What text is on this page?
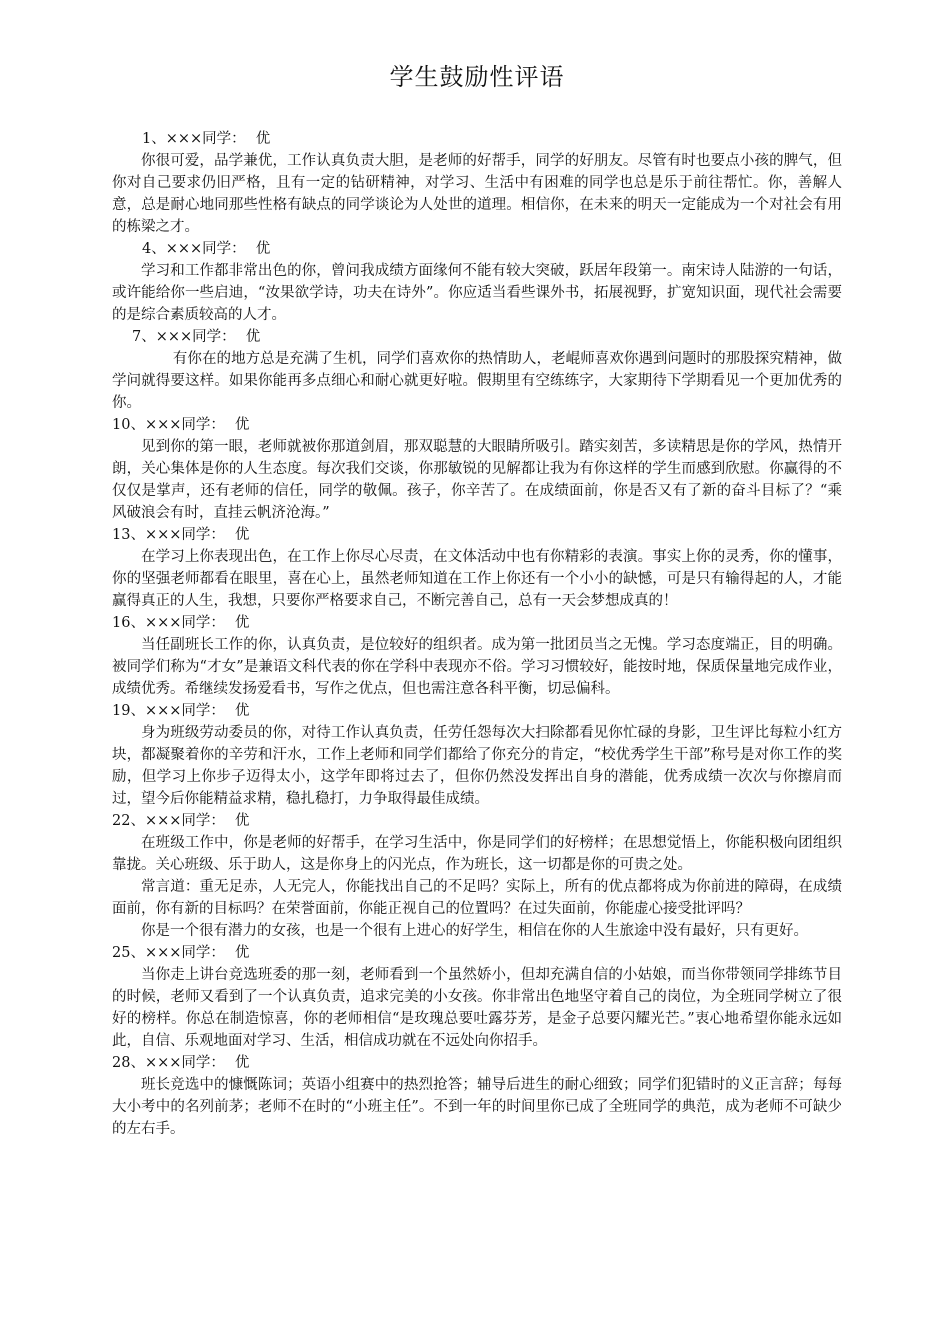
学生鼓励性评语

1、×××同学： 优

你很可爱，品学兼优，工作认真负责大胆，是老师的好帮手，同学的好朋友。尽管有时也要点小孩的脾气，但你对自己要求仍旧严格，且有一定的钻研精神，对学习、生活中有困难的同学也总是乐于前往帮忙。你，善解人意，总是耐心地同那些性格有缺点的同学谈论为人处世的道理。相信你，在未来的明天一定能成为一个对社会有用的栋梁之才。

4、×××同学： 优

学习和工作都非常出色的你，曾问我成绩方面缘何不能有较大突破，跃居年段第一。南宋诗人陆游的一句话，或许能给你一些启迪，“汝果欲学诗，功夫在诗外”。你应适当看些课外书，拓展视野，扩宽知识面，现代社会需要的是综合素质较高的人才。

7、×××同学： 优

有你在的地方总是充满了生机，同学们喜欢你的热情助人，老崐师喜欢你遇到问题时的那股探究精神，做学问就得要这样。如果你能再多点细心和耐心就更好啦。假期里有空练练字，大家期待下学期看见一个更加优秀的你。

10、×××同学： 优

见到你的第一眼，老师就被你那道剑眉，那双聪慧的大眼睛所吸引。踏实刻苦，多读精思是你的学风，热情开朗，关心集体是你的人生态度。每次我们交谈，你那敏锐的见解都让我为有你这样的学生而感到欣慰。你赢得的不仅仅是掌声，还有老师的信任，同学的敬佩。孩子，你辛苦了。在成绩面前，你是否又有了新的奋斗目标了？“乘风破浪会有时，直挂云帆济沧海。”

13、×××同学： 优

在学习上你表现出色，在工作上你尽心尽责，在文体活动中也有你精彩的表演。事实上你的灵秀，你的懂事，你的坚强老师都看在眼里，喜在心上，虽然老师知道在工作上你还有一个小小的缺憾，可是只有输得起的人，才能赢得真正的人生，我想，只要你严格要求自己，不断完善自己，总有一天会梦想成真的！

16、×××同学： 优

当任副班长工作的你，认真负责，是位较好的组织者。成为第一批团员当之无愧。学习态度端正，目的明确。被同学们称为“才女”是兼语文科代表的你在学科中表现亦不俗。学习习惯较好，能按时地，保质保量地完成作业，成绩优秀。希继续发扬爱看书，写作之优点，但也需注意各科平衡，切忌偏科。

19、×××同学： 优

身为班级劳动委员的你，对待工作认真负责，任劳任怨每次大扫除都看见你忙碌的身影，卫生评比每粒小红方块，都凝聚着你的辛劳和汗水，工作上老师和同学们都给了你充分的肯定，“校优秀学生干部”称号是对你工作的奖励，但学习上你步子迈得太小，这学年即将过去了，但你仍然没发挥出自身的潜能，优秀成绩一次次与你擦肩而过，望今后你能精益求精，稳扎稳打，力争取得最佳成绩。

22、×××同学： 优

在班级工作中，你是老师的好帮手，在学习生活中，你是同学们的好榜样；在思想觉悟上，你能积极向团组织靠拢。关心班级、乐于助人，这是你身上的闪光点，作为班长，这一切都是你的可贵之处。

常言道：重无足赤，人无完人，你能找出自己的不足吗？实际上，所有的优点都将成为你前进的障碍，在成绩面前，你有新的目标吗？在荣誉面前，你能正视自己的位置吗？在过失面前，你能虚心接受批评吗？

你是一个很有潜力的女孩，也是一个很有上进心的好学生，相信在你的人生旅途中没有最好，只有更好。

25、×××同学： 优

当你走上讲台竞选班委的那一刻，老师看到一个虽然娇小，但却充满自信的小姑娘，而当你带领同学排练节目的时候，老师又看到了一个认真负责，追求完美的小女孩。你非常出色地坚守着自己的岗位，为全班同学树立了很好的榜样。你总在制造惊喜，你的老师相信“是玫瑰总要吐露芬芳，是金子总要闪耀光芒。”衷心地希望你能永远如此，自信、乐观地面对学习、生活，相信成功就在不远处向你招手。

28、×××同学： 优

班长竞选中的慷慨陈词；英语小组赛中的热烈抢答；辅导后进生的耐心细致；同学们犯错时的义正言辞；每每大小考中的名列前茅；老师不在时的“小班主任”。不到一年的时间里你已成了全班同学的典范，成为老师不可缺少的左右手。
